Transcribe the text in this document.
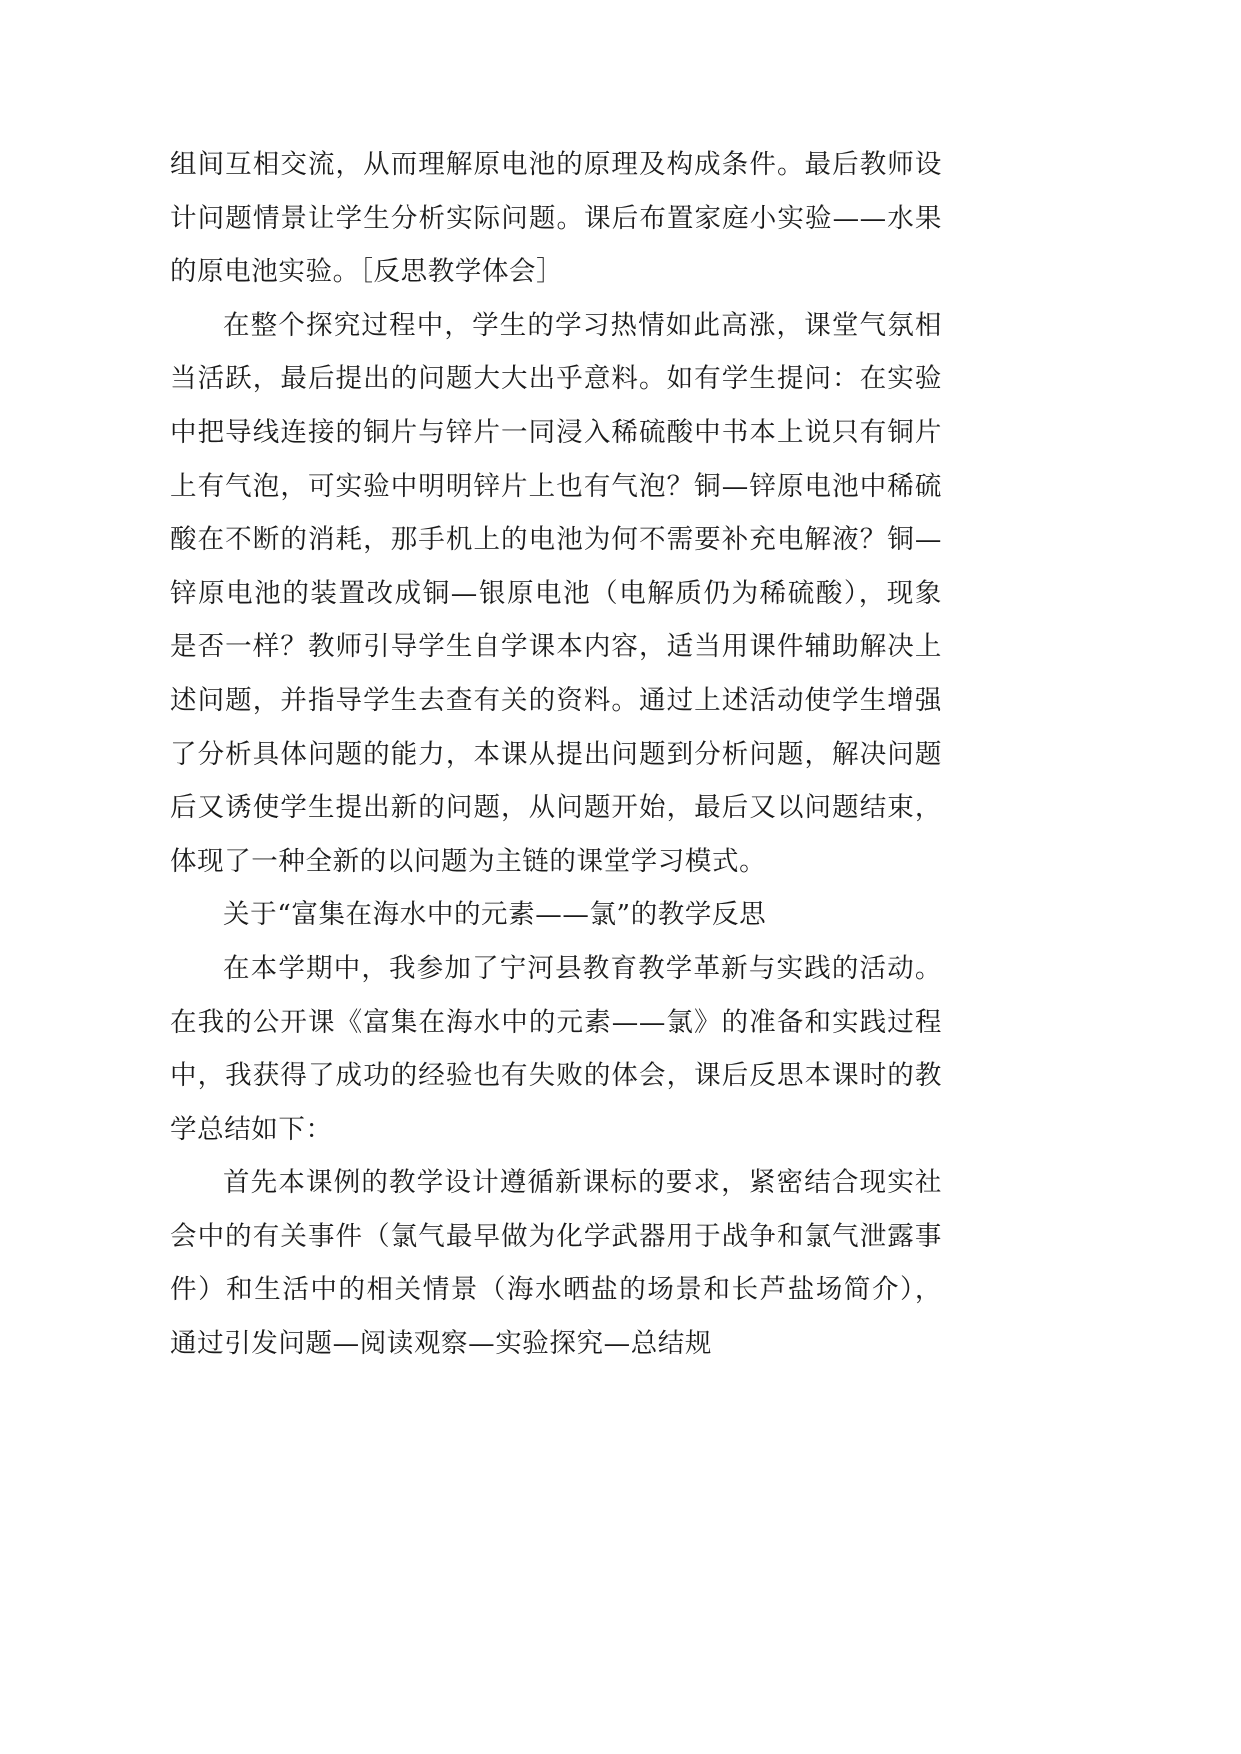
组间互相交流，从而理解原电池的原理及构成条件。最后教师设计问题情景让学生分析实际问题。课后布置家庭小实验——水果的原电池实验。［反思教学体会］

在整个探究过程中，学生的学习热情如此高涨，课堂气氛相当活跃，最后提出的问题大大出乎意料。如有学生提问：在实验中把导线连接的铜片与锌片一同浸入稀硫酸中书本上说只有铜片上有气泡，可实验中明明锌片上也有气泡？铜—锌原电池中稀硫酸在不断的消耗，那手机上的电池为何不需要补充电解液？铜—锌原电池的装置改成铜—银原电池（电解质仍为稀硫酸），现象是否一样？教师引导学生自学课本内容，适当用课件辅助解决上述问题，并指导学生去查有关的资料。通过上述活动使学生增强了分析具体问题的能力，本课从提出问题到分析问题，解决问题后又诱使学生提出新的问题，从问题开始，最后又以问题结束，体现了一种全新的以问题为主链的课堂学习模式。

关于“富集在海水中的元素——氯”的教学反思

在本学期中，我参加了宁河县教育教学革新与实践的活动。在我的公开课《富集在海水中的元素——氯》的准备和实践过程中，我获得了成功的经验也有失败的体会，课后反思本课时的教学总结如下：

首先本课例的教学设计遵循新课标的要求，紧密结合现实社会中的有关事件（氯气最早做为化学武器用于战争和氯气泄露事件）和生活中的相关情景（海水晒盐的场景和长芦盐场简介），通过引发问题—阅读观察—实验探究—总结规
